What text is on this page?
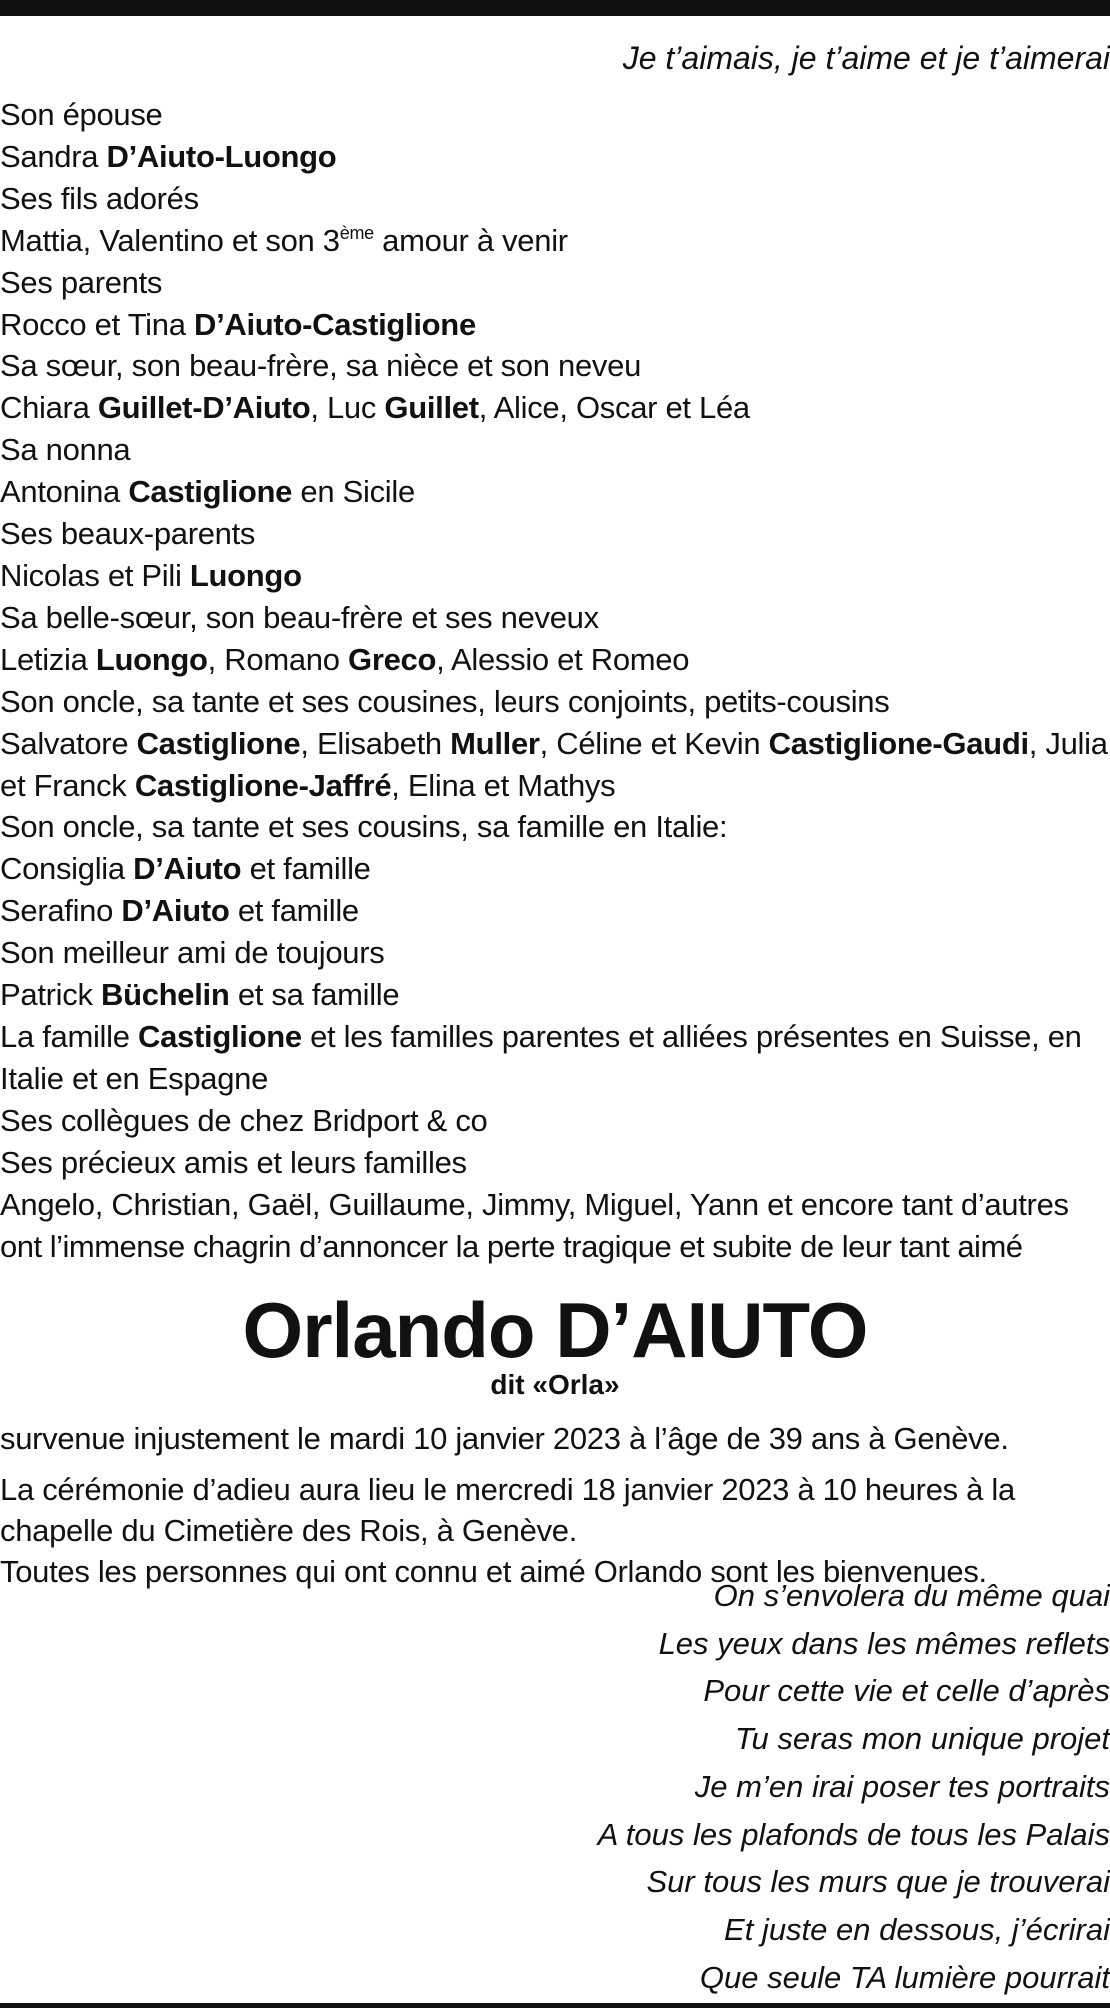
Je t’aimais, je t’aime et je t’aimerai
Son épouse
Sandra D’Aiuto-Luongo
Ses fils adorés
Mattia, Valentino et son 3ème amour à venir
Ses parents
Rocco et Tina D’Aiuto-Castiglione
Sa sœur, son beau-frère, sa nièce et son neveu
Chiara Guillet-D’Aiuto, Luc Guillet, Alice, Oscar et Léa
Sa nonna
Antonina Castiglione en Sicile
Ses beaux-parents
Nicolas et Pili Luongo
Sa belle-sœur, son beau-frère et ses neveux
Letizia Luongo, Romano Greco, Alessio et Romeo
Son oncle, sa tante et ses cousines, leurs conjoints, petits-cousins
Salvatore Castiglione, Elisabeth Muller, Céline et Kevin Castiglione-Gaudi, Julia et Franck Castiglione-Jaffré, Elina et Mathys
Son oncle, sa tante et ses cousins, sa famille en Italie:
Consiglia D’Aiuto et famille
Serafino D’Aiuto et famille
Son meilleur ami de toujours
Patrick Büchelin et sa famille
La famille Castiglione et les familles parentes et alliées présentes en Suisse, en Italie et en Espagne
Ses collègues de chez Bridport & co
Ses précieux amis et leurs familles
Angelo, Christian, Gaël, Guillaume, Jimmy, Miguel, Yann et encore tant d’autres
ont l’immense chagrin d’annoncer la perte tragique et subite de leur tant aimé
Orlando D’AIUTO
dit «Orla»

survenue injustement le mardi 10 janvier 2023 à l’âge de 39 ans à Genève.

La cérémonie d’adieu aura lieu le mercredi 18 janvier 2023 à 10 heures à la chapelle du Cimetière des Rois, à Genève.

Toutes les personnes qui ont connu et aimé Orlando sont les bienvenues.

On s’envolera du même quai
Les yeux dans les mêmes reflets
Pour cette vie et celle d’après
Tu seras mon unique projet
Je m’en irai poser tes portraits
A tous les plafonds de tous les Palais
Sur tous les murs que je trouverai
Et juste en dessous, j’écrirai
Que seule TA lumière pourrait
